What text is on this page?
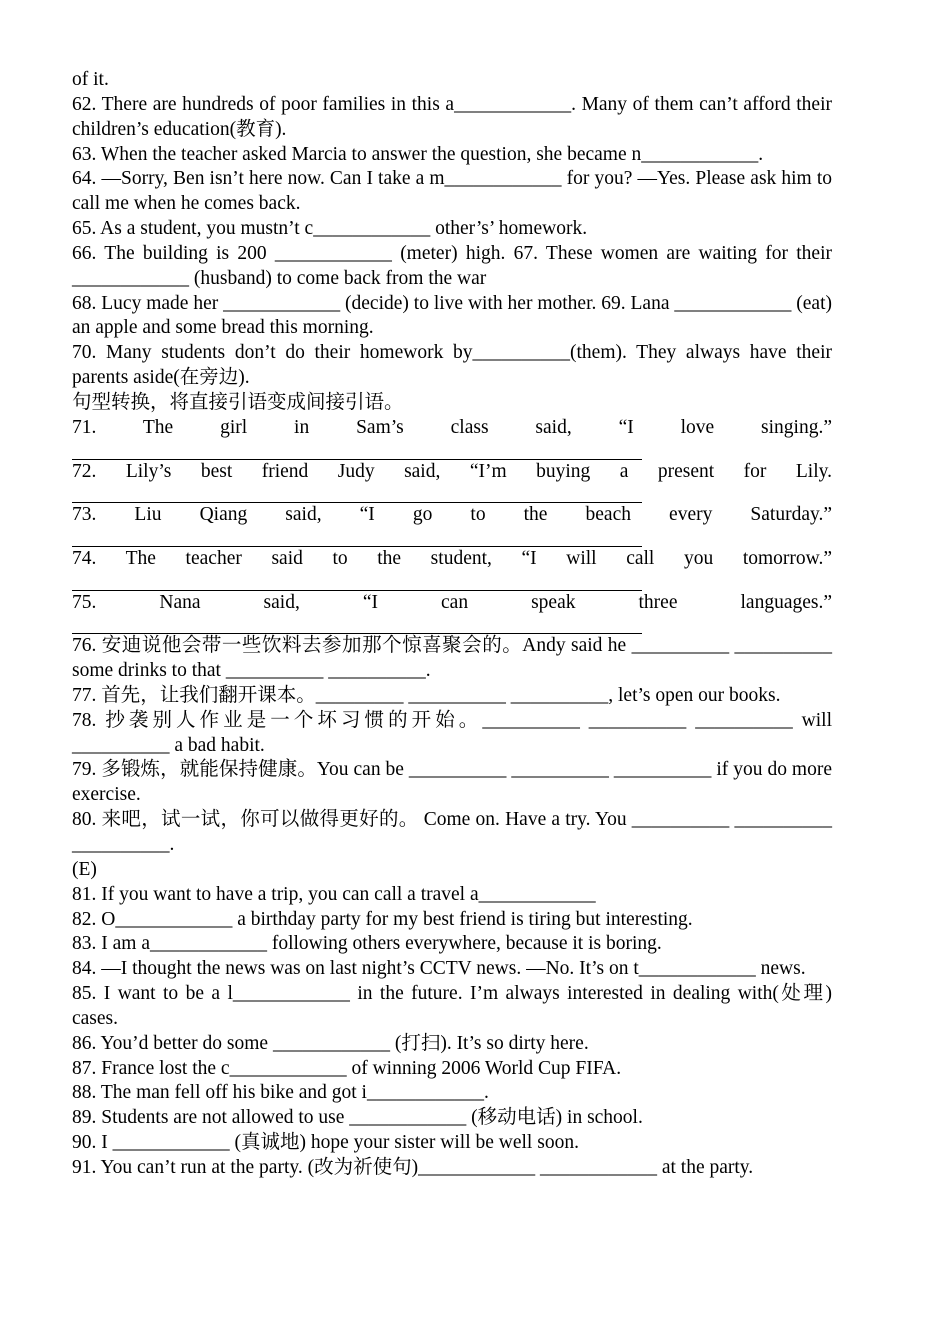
of it.

62. There are hundreds of poor families in this a____________. Many of them can’t afford their children’s education(教育).

63. When the teacher asked Marcia to answer the question, she became n____________.

64. —Sorry, Ben isn’t here now. Can I take a m____________ for you? —Yes. Please ask him to call me when he comes back.

65. As a student, you mustn’t c____________ other’s’ homework.

66. The building is 200 ____________ (meter) high. 67. These women are waiting for their ____________ (husband) to come back from the war

68. Lucy made her ____________ (decide) to live with her mother. 69. Lana ____________ (eat) an apple and some bread this morning.

70. Many students don’t do their homework by__________(them). They always have their parents aside(在旁边).

句型转换，将直接引语变成间接引语。

71. The girl in Sam’s class said, “I love singing.”

72. Lily’s best friend Judy said, “I’m buying a present for Lily.

73. Liu Qiang said, “I go to the beach every Saturday.”

74. The teacher said to the student, “I will call you tomorrow.”

75. Nana said, “I can speak three languages.”

76. 安迪说他会带一些饮料去参加那个惊喜聚会的。Andy said he __________ __________ some drinks to that __________ __________.

77. 首先，让我们翻开课本。_________ __________ __________, let’s open our books.

78. 抄袭别人作业是一个坏习惯的开始。__________ __________ __________ will __________ a bad habit.

79. 多锻炼，就能保持健康。You can be __________ __________ __________ if you do more exercise.

80. 来吧，试一试，你可以做得更好的。 Come on. Have a try. You __________ __________ __________.

(E)

81. If you want to have a trip, you can call a travel a____________

82. O____________ a birthday party for my best friend is tiring but interesting.

83. I am a____________ following others everywhere, because it is boring.

84. —I thought the news was on last night’s CCTV news. —No. It’s on t____________ news.

85. I want to be a l____________ in the future. I’m always interested in dealing with(处理) cases.

86. You’d better do some ____________ (打扫). It’s so dirty here.

87. France lost the c____________ of winning 2006 World Cup FIFA.

88. The man fell off his bike and got i____________.

89. Students are not allowed to use ____________ (移动电话) in school.

90. I ____________ (真诚地) hope your sister will be well soon.

91. You can’t run at the party. (改为祈使句)____________ ____________ at the party.
